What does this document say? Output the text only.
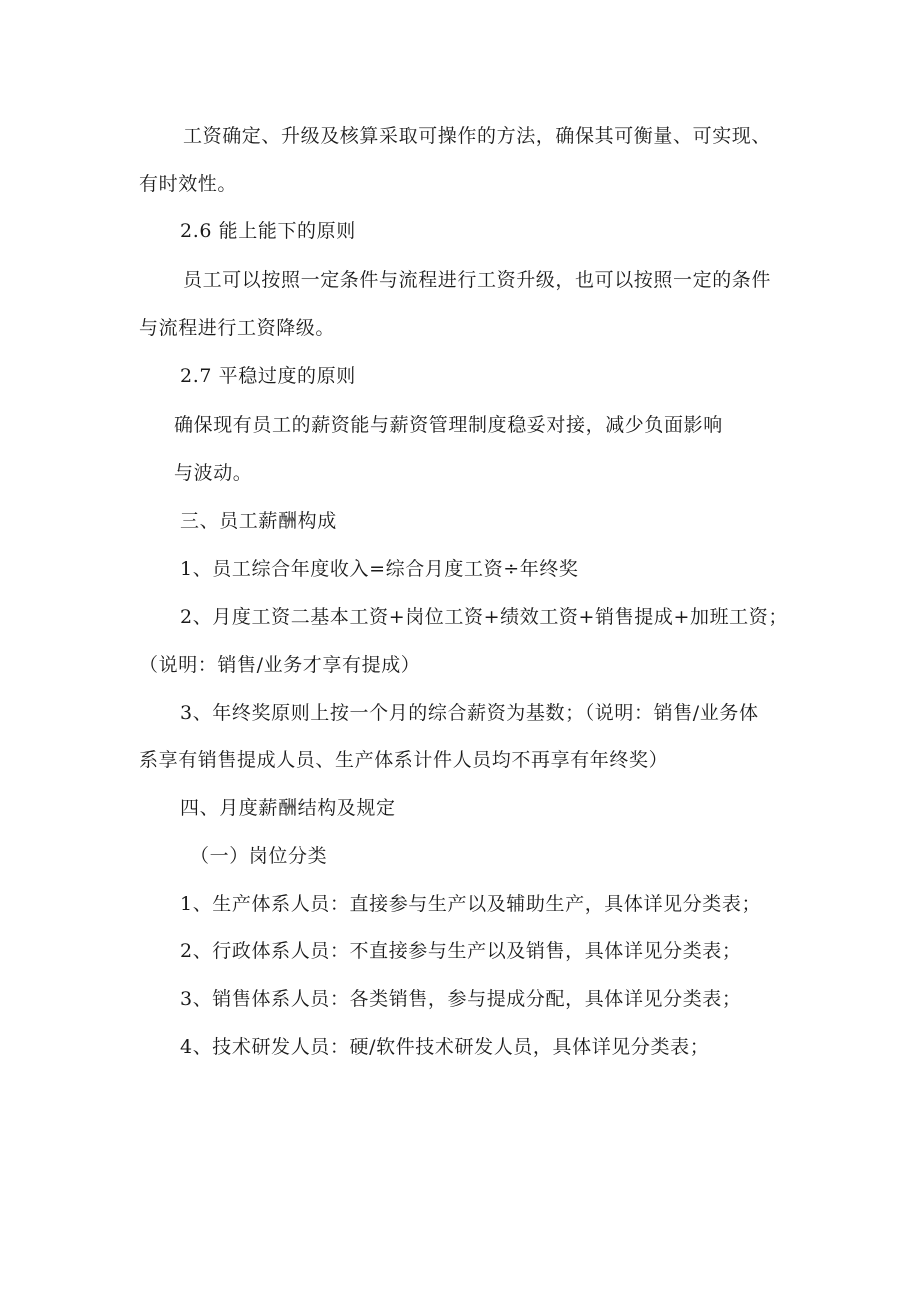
工资确定、升级及核算采取可操作的方法，确保其可衡量、可实现、
有时效性。
2.6 能上能下的原则
员工可以按照一定条件与流程进行工资升级，也可以按照一定的条件
与流程进行工资降级。
2.7 平稳过度的原则
确保现有员工的薪资能与薪资管理制度稳妥对接，减少负面影响
与波动。
三、员工薪酬构成
1、员工综合年度收入=综合月度工资÷年终奖
2、月度工资二基本工资+岗位工资+绩效工资+销售提成+加班工资；
（说明：销售/业务才享有提成）
3、年终奖原则上按一个月的综合薪资为基数；（说明：销售/业务体
系享有销售提成人员、生产体系计件人员均不再享有年终奖）
四、月度薪酬结构及规定
（一）岗位分类
1、生产体系人员：直接参与生产以及辅助生产，具体详见分类表；
2、行政体系人员：不直接参与生产以及销售，具体详见分类表；
3、销售体系人员：各类销售，参与提成分配，具体详见分类表；
4、技术研发人员：硬/软件技术研发人员，具体详见分类表；
